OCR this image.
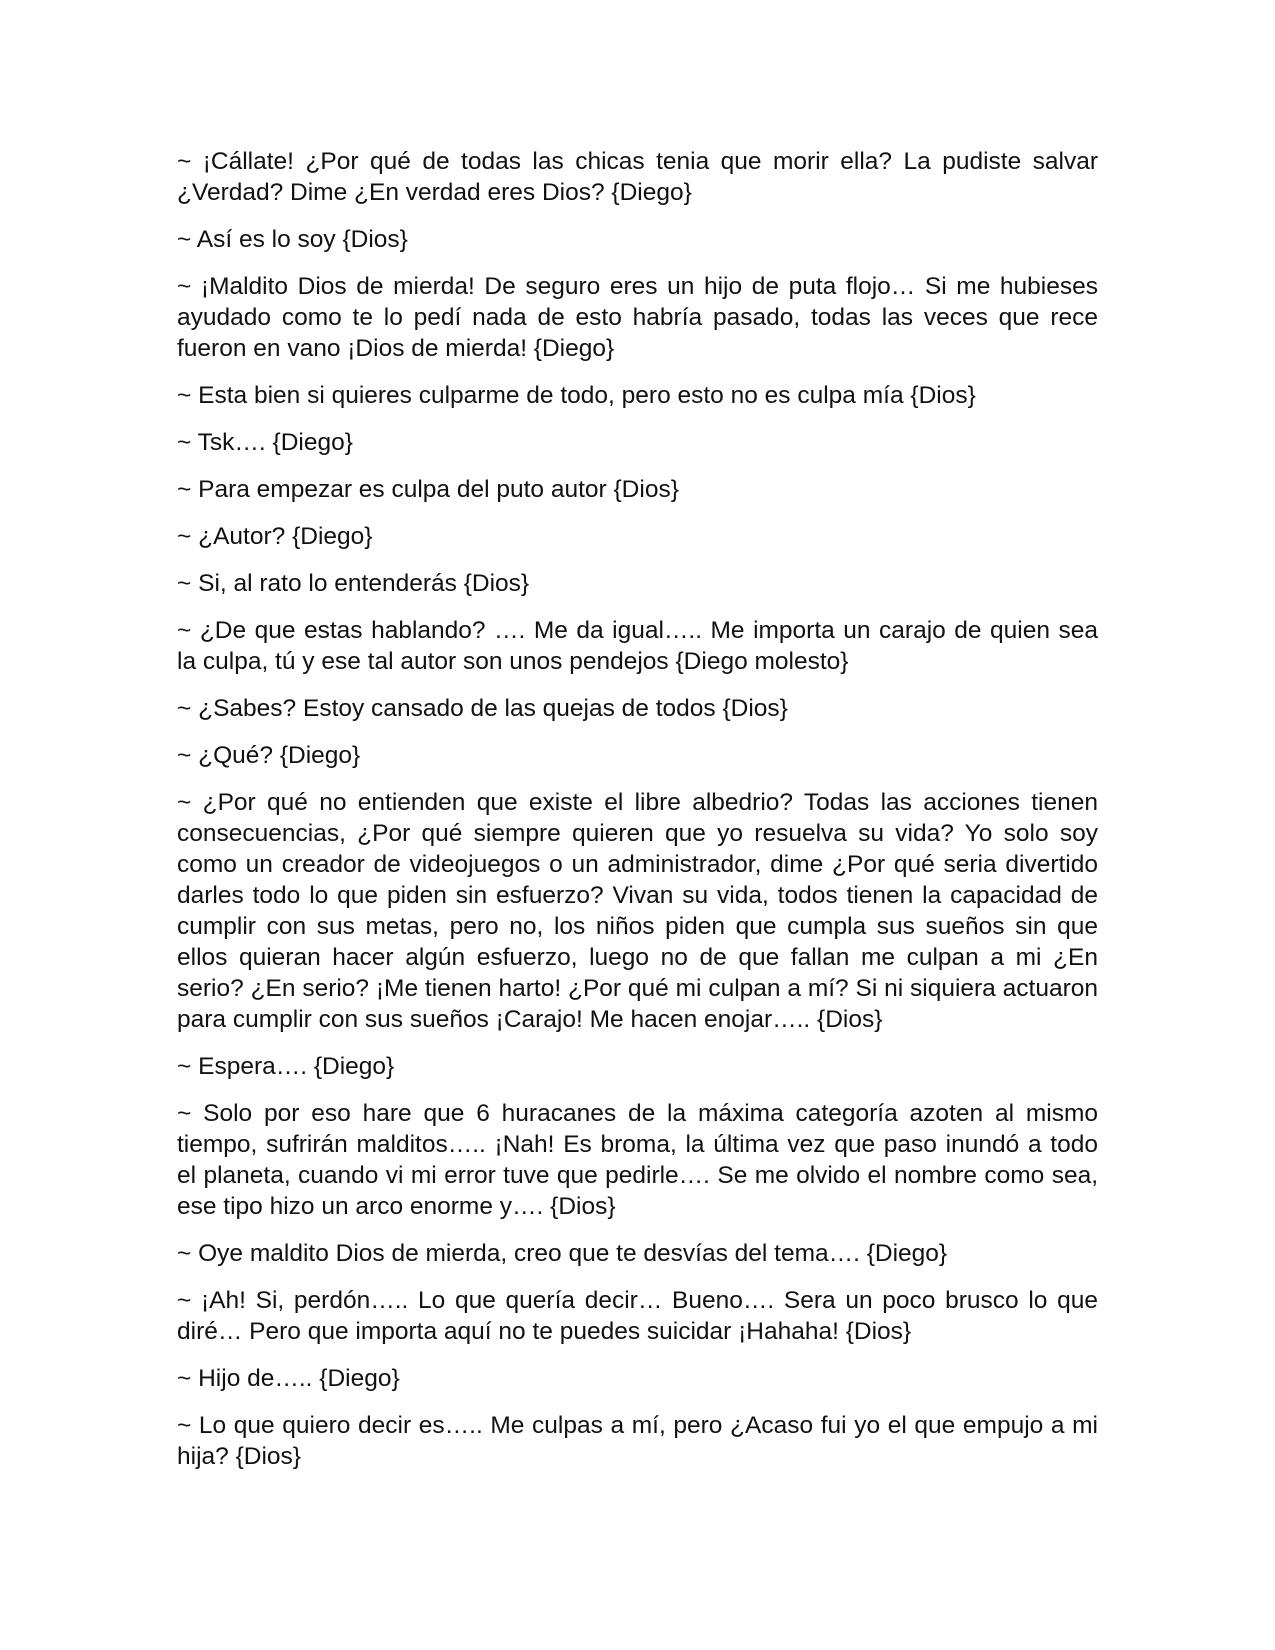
~ ¡Cállate! ¿Por qué de todas las chicas tenia que morir ella? La pudiste salvar ¿Verdad? Dime ¿En verdad eres Dios? {Diego}

~ Así es lo soy {Dios}

~ ¡Maldito Dios de mierda! De seguro eres un hijo de puta flojo… Si me hubieses ayudado como te lo pedí nada de esto habría pasado, todas las veces que rece fueron en vano ¡Dios de mierda! {Diego}

~ Esta bien si quieres culparme de todo, pero esto no es culpa mía {Dios}

~ Tsk…. {Diego}

~ Para empezar es culpa del puto autor {Dios}

~ ¿Autor? {Diego}

~ Si, al rato lo entenderás {Dios}

~ ¿De que estas hablando? …. Me da igual….. Me importa un carajo de quien sea la culpa, tú y ese tal autor son unos pendejos {Diego molesto}

~ ¿Sabes? Estoy cansado de las quejas de todos {Dios}

~ ¿Qué? {Diego}

~ ¿Por qué no entienden que existe el libre albedrio? Todas las acciones tienen consecuencias, ¿Por qué siempre quieren que yo resuelva su vida? Yo solo soy como un creador de videojuegos o un administrador, dime ¿Por qué seria divertido darles todo lo que piden sin esfuerzo? Vivan su vida, todos tienen la capacidad de cumplir con sus metas, pero no, los niños piden que cumpla sus sueños sin que ellos quieran hacer algún esfuerzo, luego no de que fallan me culpan a mi ¿En serio? ¿En serio? ¡Me tienen harto! ¿Por qué mi culpan a mí? Si ni siquiera actuaron para cumplir con sus sueños ¡Carajo! Me hacen enojar….. {Dios}

~ Espera…. {Diego}

~ Solo por eso hare que 6 huracanes de la máxima categoría azoten al mismo tiempo, sufrirán malditos….. ¡Nah! Es broma, la última vez que paso inundó a todo el planeta, cuando vi mi error tuve que pedirle…. Se me olvido el nombre como sea, ese tipo hizo un arco enorme y…. {Dios}

~ Oye maldito Dios de mierda, creo que te desvías del tema…. {Diego}

~ ¡Ah! Si, perdón….. Lo que quería decir… Bueno…. Sera un poco brusco lo que diré… Pero que importa aquí no te puedes suicidar ¡Hahaha! {Dios}

~ Hijo de….. {Diego}

~ Lo que quiero decir es….. Me culpas a mí, pero ¿Acaso fui yo el que empujo a mi hija? {Dios}
